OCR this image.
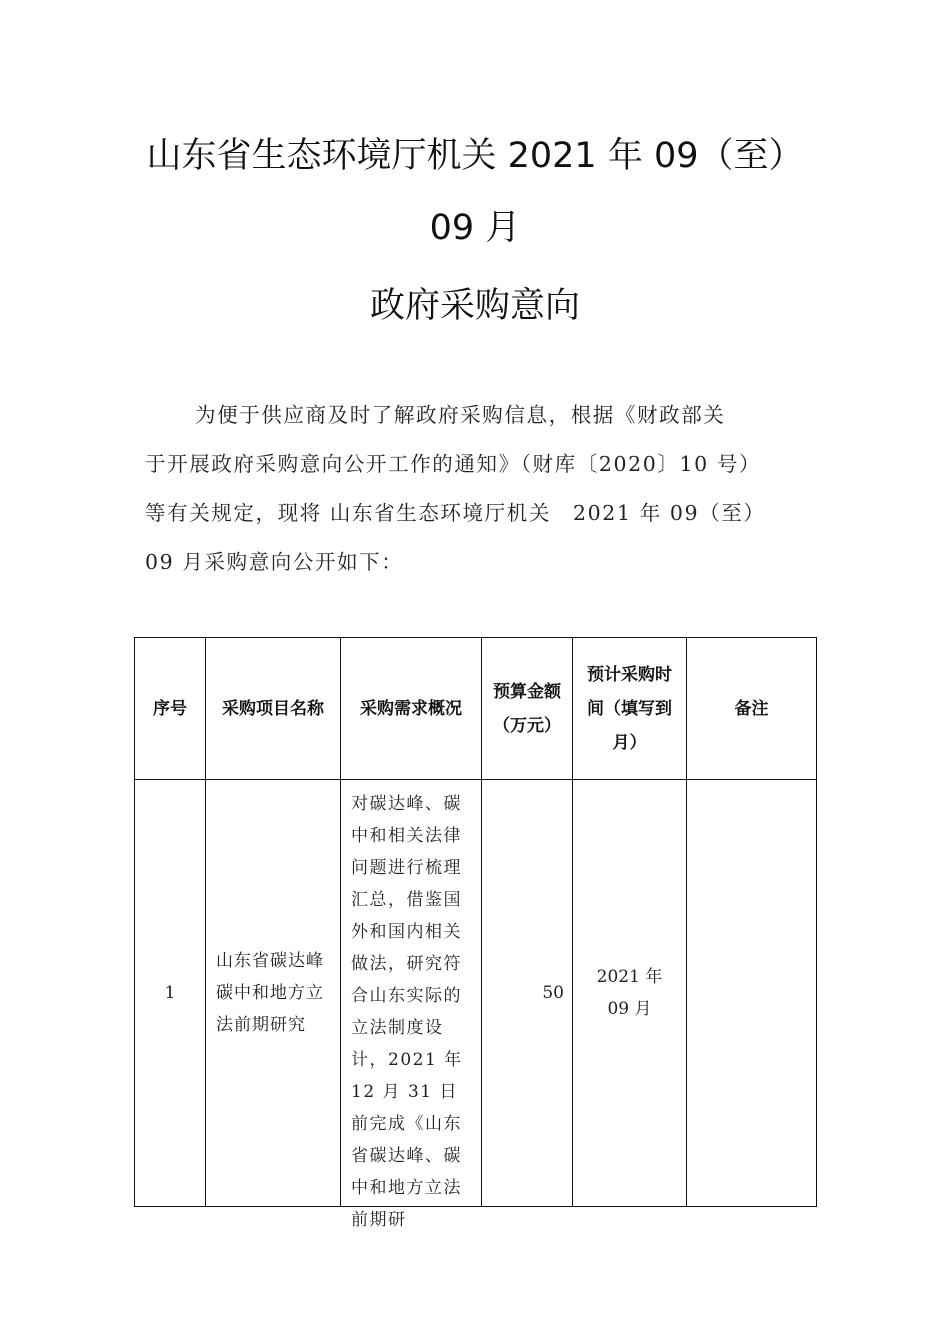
山东省生态环境厅机关 2021 年 09（至）
09 月
政府采购意向
为便于供应商及时了解政府采购信息，根据《财政部关
于开展政府采购意向公开工作的通知》（财库〔2020〕10 号）
等有关规定，现将 山东省生态环境厅机关　2021 年 09（至）
09 月采购意向公开如下：
序号	采购项目名称	采购需求概况	预算金额（万元）	预计采购时间（填写到月）	备注
1	山东省碳达峰碳中和地方立法前期研究	对碳达峰、碳中和相关法律问题进行梳理汇总，借鉴国外和国内相关做法，研究符合山东实际的立法制度设计，2021 年 12 月 31 日前完成《山东省碳达峰、碳中和地方立法前期研	50	2021 年 09 月	
